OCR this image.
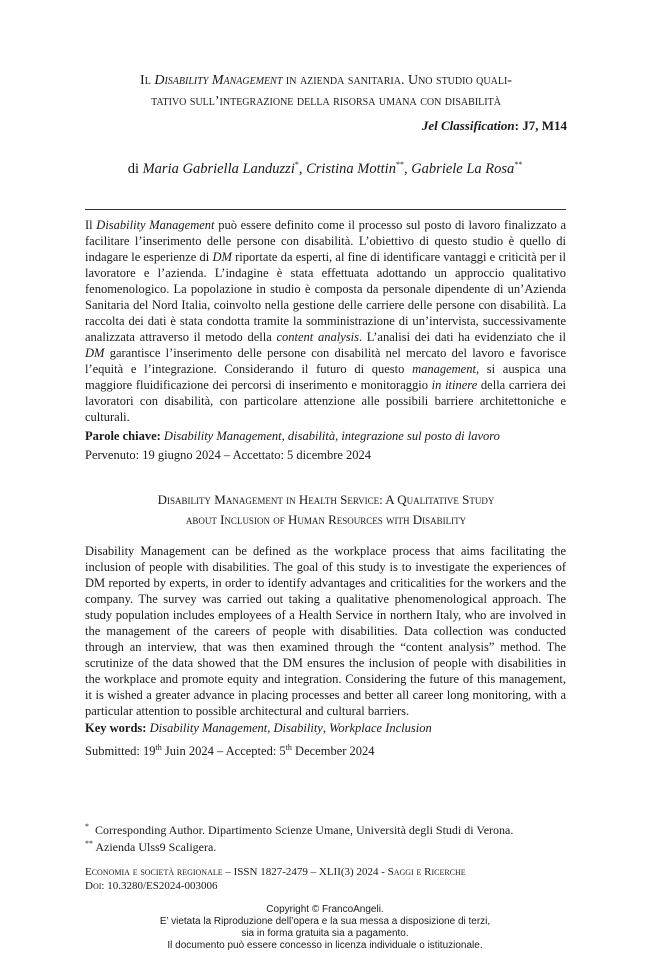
Il Disability Management in azienda sanitaria. Uno studio quali-
tativo sull’integrazione della risorsa umana con disabilità
Jel Classification: J7, M14
di Maria Gabriella Landuzzi*, Cristina Mottin**, Gabriele La Rosa**
Il Disability Management può essere definito come il processo sul posto di lavoro finalizzato a facilitare l’inserimento delle persone con disabilità. L’obiettivo di questo studio è quello di indagare le esperienze di DM riportate da esperti, al fine di identificare vantaggi e criticità per il lavoratore e l’azienda. L’indagine è stata effettuata adottando un approccio qualitativo fenomenologico. La popolazione in studio è composta da personale dipendente di un’Azienda Sanitaria del Nord Italia, coinvolto nella gestione delle carriere delle persone con disabilità. La raccolta dei dati è stata condotta tramite la somministrazione di un’intervista, successivamente analizzata attraverso il metodo della content analysis. L’analisi dei dati ha evidenziato che il DM garantisce l’inserimento delle persone con disabilità nel mercato del lavoro e favorisce l’equità e l’integrazione. Considerando il futuro di questo management, si auspica una maggiore fluidificazione dei percorsi di inserimento e monitoraggio in itinere della carriera dei lavoratori con disabilità, con particolare attenzione alle possibili barriere architettoniche e culturali.
Parole chiave: Disability Management, disabilità, integrazione sul posto di lavoro
Pervenuto: 19 giugno 2024 – Accettato: 5 dicembre 2024
Disability Management in Health Service: A Qualitative Study
about Inclusion of Human Resources with Disability
Disability Management can be defined as the workplace process that aims facilitating the inclusion of people with disabilities. The goal of this study is to investigate the experiences of DM reported by experts, in order to identify advantages and criticalities for the workers and the company. The survey was carried out taking a qualitative phenomenological approach. The study population includes employees of a Health Service in northern Italy, who are involved in the management of the careers of people with disabilities. Data collection was conducted through an interview, that was then examined through the “content analysis” method. The scrutinize of the data showed that the DM ensures the inclusion of people with disabilities in the workplace and promote equity and integration. Considering the future of this management, it is wished a greater advance in placing processes and better all career long monitoring, with a particular attention to possible architectural and cultural barriers.
Key words: Disability Management, Disability, Workplace Inclusion
Submitted: 19th Juin 2024 – Accepted: 5th December 2024
* Corresponding Author. Dipartimento Scienze Umane, Università degli Studi di Verona.
** Azienda Ulss9 Scaligera.
Economia e società regionale – ISSN 1827-2479 – XLII(3) 2024 - Saggi e Ricerche
Doi: 10.3280/ES2024-003006
Copyright © FrancoAngeli.
E’ vietata la Riproduzione dell’opera e la sua messa a disposizione di terzi,
sia in forma gratuita sia a pagamento.
Il documento può essere concesso in licenza individuale o istituzionale.
